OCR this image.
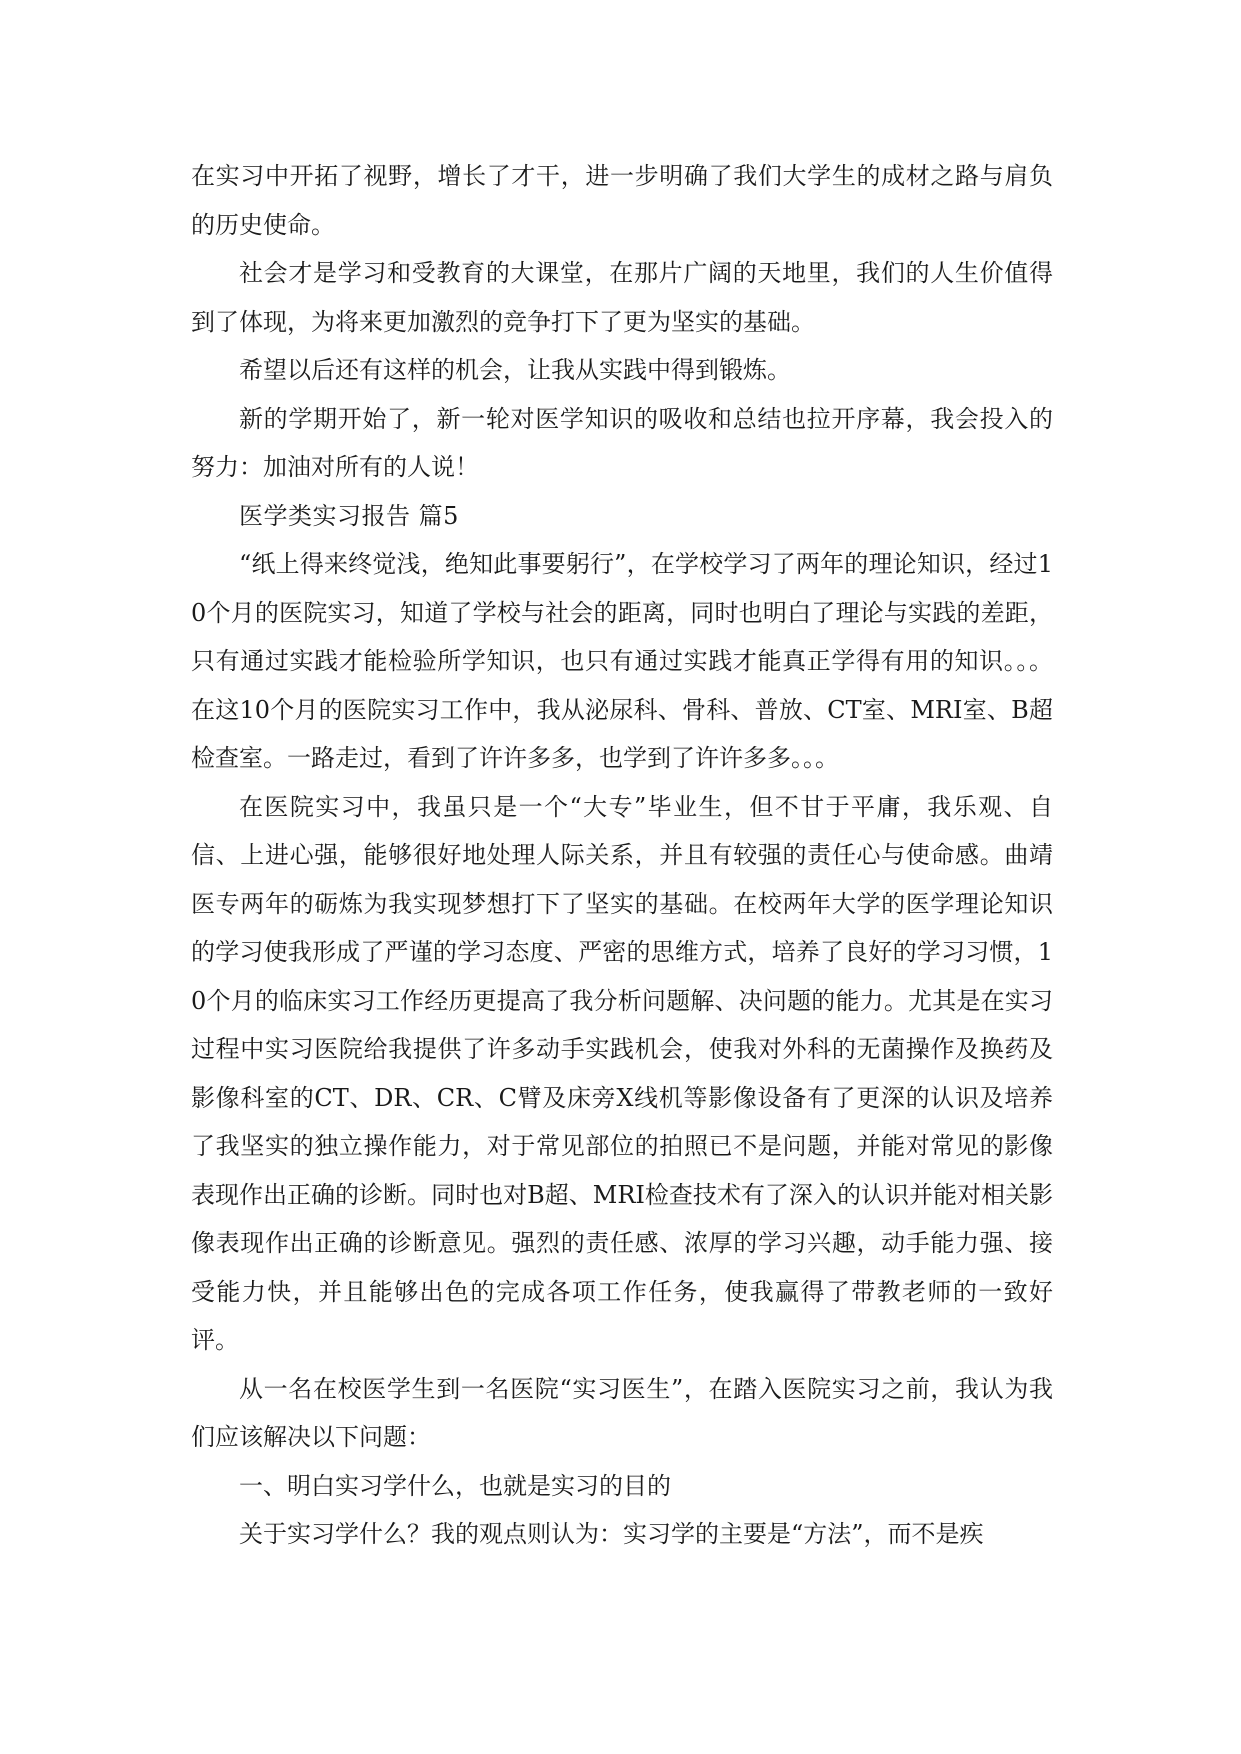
在实习中开拓了视野，增长了才干，进一步明确了我们大学生的成材之路与肩负的历史使命。

社会才是学习和受教育的大课堂，在那片广阔的天地里，我们的人生价值得到了体现，为将来更加激烈的竞争打下了更为坚实的基础。

希望以后还有这样的机会，让我从实践中得到锻炼。

新的学期开始了，新一轮对医学知识的吸收和总结也拉开序幕，我会投入的努力：加油对所有的人说！

医学类实习报告 篇5

“纸上得来终觉浅，绝知此事要躬行”，在学校学习了两年的理论知识，经过10个月的医院实习，知道了学校与社会的距离，同时也明白了理论与实践的差距，只有通过实践才能检验所学知识，也只有通过实践才能真正学得有用的知识。。。在这10个月的医院实习工作中，我从泌尿科、骨科、普放、CT室、MRI室、B超检查室。一路走过，看到了许许多多，也学到了许许多多。。。

在医院实习中，我虽只是一个“大专”毕业生，但不甘于平庸，我乐观、自信、上进心强，能够很好地处理人际关系，并且有较强的责任心与使命感。曲靖医专两年的砺炼为我实现梦想打下了坚实的基础。在校两年大学的医学理论知识的学习使我形成了严谨的学习态度、严密的思维方式，培养了良好的学习习惯，10个月的临床实习工作经历更提高了我分析问题解、决问题的能力。尤其是在实习过程中实习医院给我提供了许多动手实践机会，使我对外科的无菌操作及换药及影像科室的CT、DR、CR、C臂及床旁X线机等影像设备有了更深的认识及培养了我坚实的独立操作能力，对于常见部位的拍照已不是问题，并能对常见的影像表现作出正确的诊断。同时也对B超、MRI检查技术有了深入的认识并能对相关影像表现作出正确的诊断意见。强烈的责任感、浓厚的学习兴趣，动手能力强、接受能力快，并且能够出色的完成各项工作任务，使我赢得了带教老师的一致好评。

从一名在校医学生到一名医院“实习医生”，在踏入医院实习之前，我认为我们应该解决以下问题：

一、明白实习学什么，也就是实习的目的

关于实习学什么？我的观点则认为：实习学的主要是“方法”，而不是疾
